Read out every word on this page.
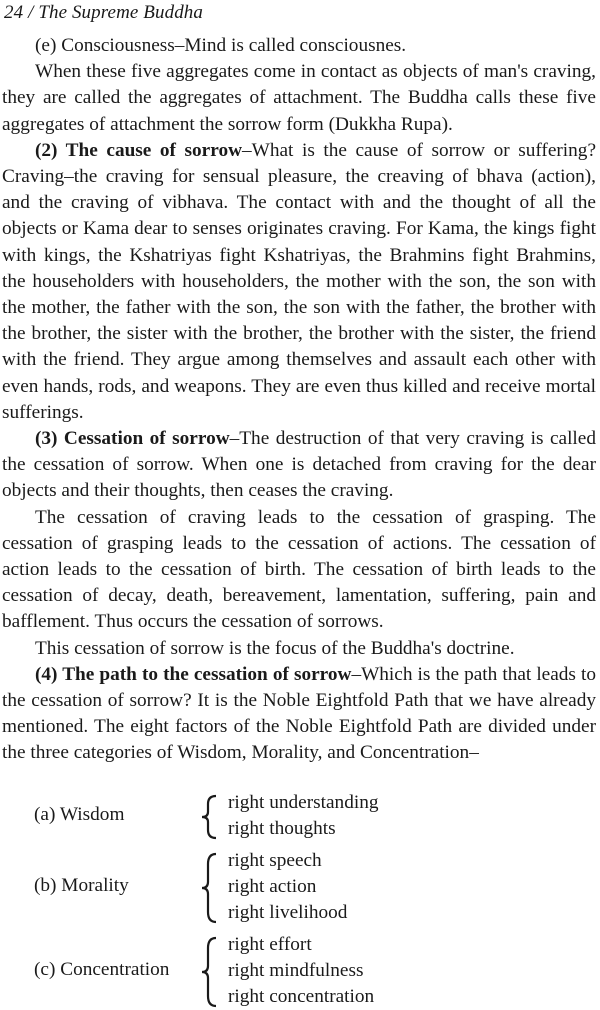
24 / The Supreme Buddha

(e) Consciousness–Mind is called consciousnes.

When these five aggregates come in contact as objects of man's craving, they are called the aggregates of attachment. The Buddha calls these five aggregates of attachment the sorrow form (Dukkha Rupa).

(2) The cause of sorrow–What is the cause of sorrow or suffering? Craving–the craving for sensual pleasure, the creaving of bhava (action), and the craving of vibhava. The contact with and the thought of all the objects or Kama dear to senses originates craving. For Kama, the kings fight with kings, the Kshatriyas fight Kshatriyas, the Brahmins fight Brahmins, the householders with householders, the mother with the son, the son with the mother, the father with the son, the son with the father, the brother with the brother, the sister with the brother, the brother with the sister, the friend with the friend. They argue among themselves and assault each other with even hands, rods, and weapons. They are even thus killed and receive mortal sufferings.

(3) Cessation of sorrow–The destruction of that very craving is called the cessation of sorrow. When one is detached from craving for the dear objects and their thoughts, then ceases the craving.

The cessation of craving leads to the cessation of grasping. The cessation of grasping leads to the cessation of actions. The cessation of action leads to the cessation of birth. The cessation of birth leads to the cessation of decay, death, bereavement, lamentation, suffering, pain and bafflement. Thus occurs the cessation of sorrows.

This cessation of sorrow is the focus of the Buddha's doctrine.

(4) The path to the cessation of sorrow–Which is the path that leads to the cessation of sorrow? It is the Noble Eightfold Path that we have already mentioned. The eight factors of the Noble Eightfold Path are divided under the three categories of Wisdom, Morality, and Concentration–

(a) Wisdom
right understanding
right thoughts
(b) Morality
right speech
right action
right livelihood
(c) Concentration
right effort
right mindfulness
right concentration
